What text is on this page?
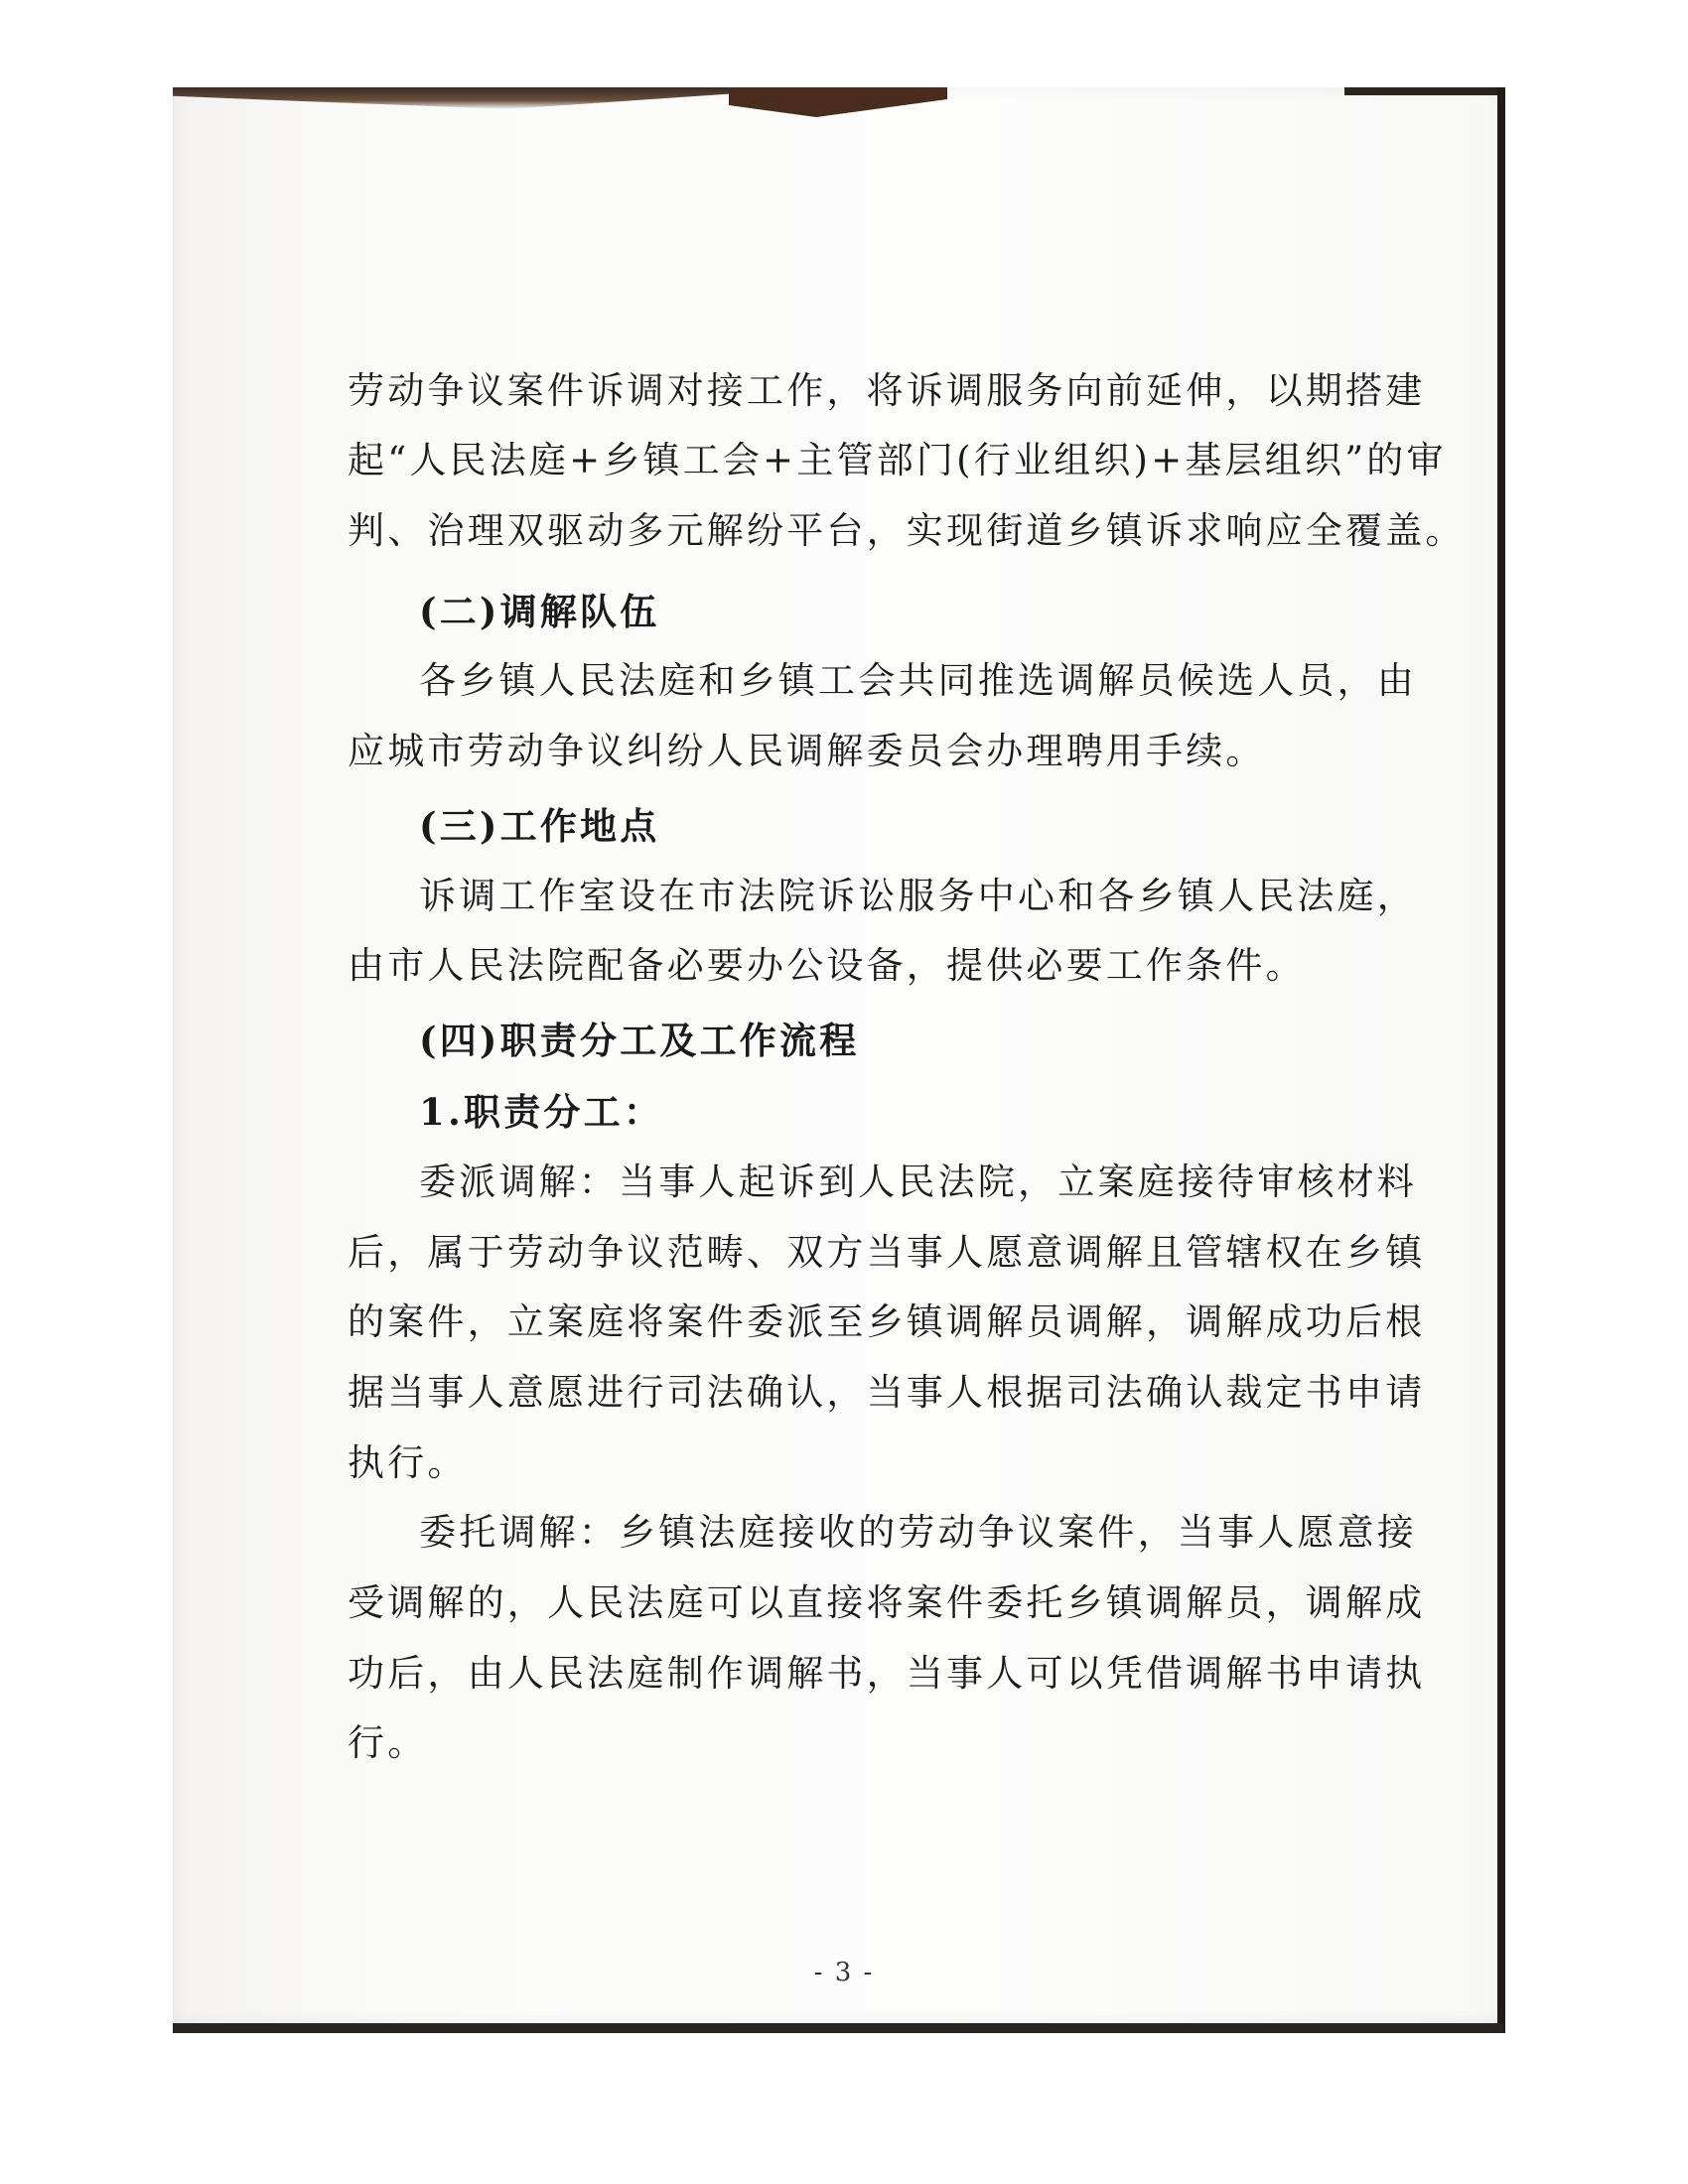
劳动争议案件诉调对接工作，将诉调服务向前延伸，以期搭建
起“人民法庭+乡镇工会+主管部门(行业组织)+基层组织”的审
判、治理双驱动多元解纷平台，实现街道乡镇诉求响应全覆盖。
(二)调解队伍
各乡镇人民法庭和乡镇工会共同推选调解员候选人员，由
应城市劳动争议纠纷人民调解委员会办理聘用手续。
(三)工作地点
诉调工作室设在市法院诉讼服务中心和各乡镇人民法庭，
由市人民法院配备必要办公设备，提供必要工作条件。
(四)职责分工及工作流程
1.职责分工：
委派调解：当事人起诉到人民法院，立案庭接待审核材料
后，属于劳动争议范畴、双方当事人愿意调解且管辖权在乡镇
的案件，立案庭将案件委派至乡镇调解员调解，调解成功后根
据当事人意愿进行司法确认，当事人根据司法确认裁定书申请
执行。
委托调解：乡镇法庭接收的劳动争议案件，当事人愿意接
受调解的，人民法庭可以直接将案件委托乡镇调解员，调解成
功后，由人民法庭制作调解书，当事人可以凭借调解书申请执
行。
- 3 -
